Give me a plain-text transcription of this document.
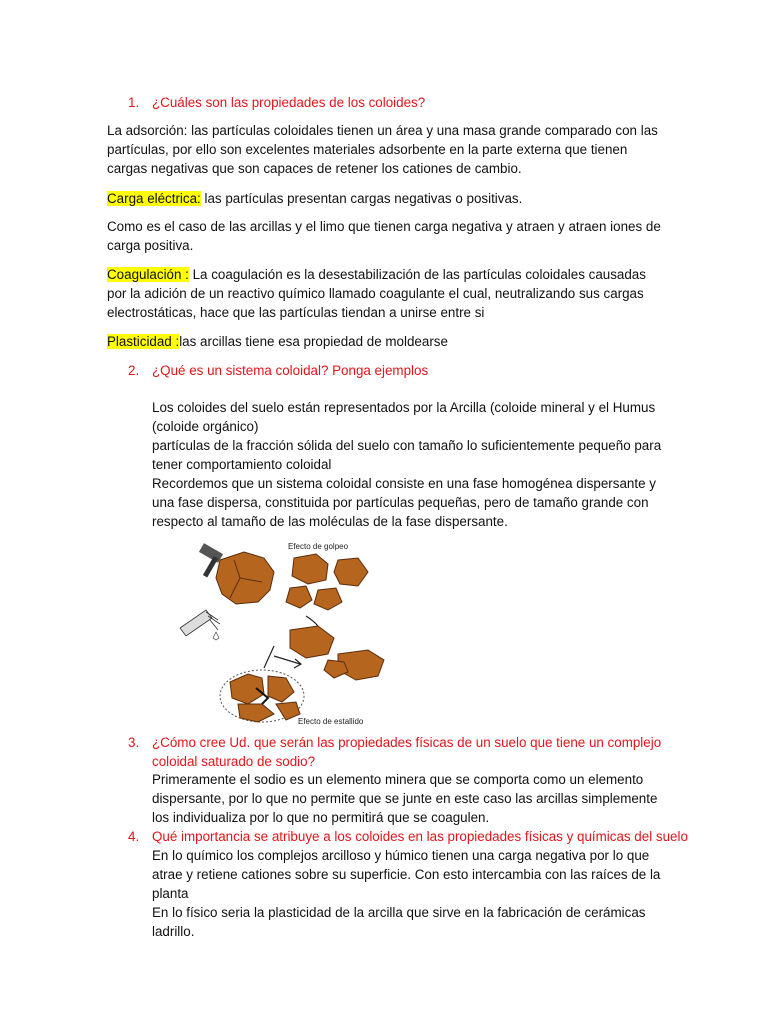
1. ¿Cuáles son las propiedades de los coloides?

La adsorción: las partículas coloidales tienen un área y una masa grande comparado con las partículas, por ello son excelentes materiales adsorbente en la parte externa que tienen cargas negativas que son capaces de retener los cationes de cambio.

Carga eléctrica: las partículas presentan cargas negativas o positivas.

Como es el caso de las arcillas y el limo que tienen carga negativa y atraen y atraen iones de carga positiva.

Coagulación : La coagulación es la desestabilización de las partículas coloidales causadas por la adición de un reactivo químico llamado coagulante el cual, neutralizando sus cargas electrostáticas, hace que las partículas tiendan a unirse entre si

Plasticidad :las arcillas tiene esa propiedad de moldearse

2. ¿Qué es un sistema coloidal? Ponga ejemplos

Los coloides del suelo están representados por la Arcilla (coloide mineral y el Humus (coloide orgánico)

partículas de la fracción sólida del suelo con tamaño lo suficientemente pequeño para tener comportamiento coloidal

Recordemos que un sistema coloidal consiste en una fase homogénea dispersante y una fase dispersa, constituida por partículas pequeñas, pero de tamaño grande con respecto al tamaño de las moléculas de la fase dispersante.

Efecto de golpeo
Efecto de estallido
3. ¿Cómo cree Ud. que serán las propiedades físicas de un suelo que tiene un complejo coloidal saturado de sodio?

Primeramente el sodio es un elemento minera que se comporta como un elemento dispersante, por lo que no permite que se junte en este caso las arcillas simplemente los individualiza por lo que no permitirá que se coagulen.

4. Qué importancia se atribuye a los coloides en las propiedades físicas y químicas del suelo

En lo químico los complejos arcilloso y húmico tienen una carga negativa por lo que atrae y retiene cationes sobre su superficie. Con esto intercambia con las raíces de la planta

En lo físico seria la plasticidad de la arcilla que sirve en la fabricación de cerámicas ladrillo.
